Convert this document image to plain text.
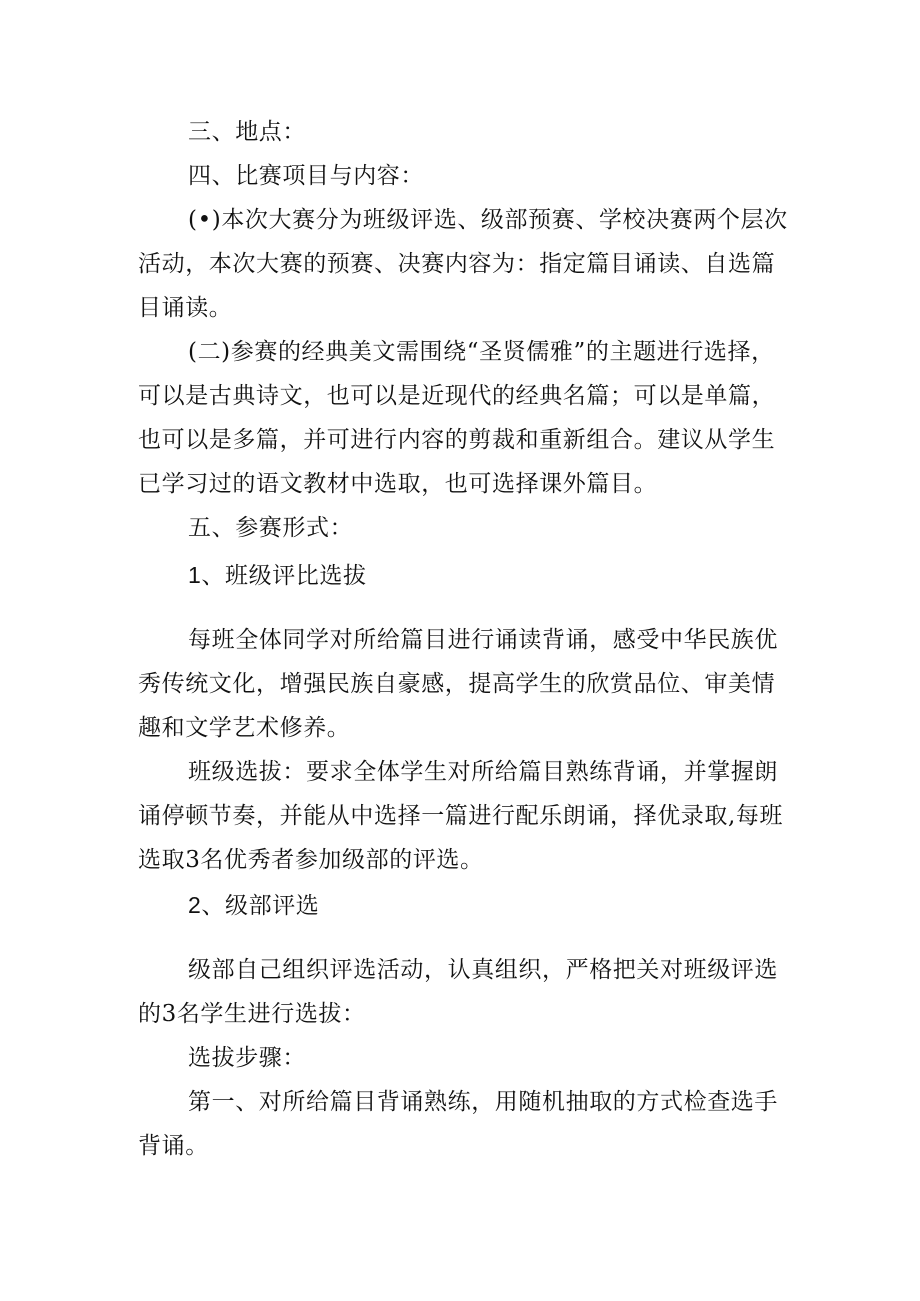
三、地点：

四、比赛项目与内容：

(•)本次大赛分为班级评选、级部预赛、学校决赛两个层次活动，本次大赛的预赛、决赛内容为：指定篇目诵读、自选篇目诵读。

(二)参赛的经典美文需围绕“圣贤儒雅”的主题进行选择，可以是古典诗文，也可以是近现代的经典名篇；可以是单篇，也可以是多篇，并可进行内容的剪裁和重新组合。建议从学生已学习过的语文教材中选取，也可选择课外篇目。

五、参赛形式：

1、班级评比选拔

每班全体同学对所给篇目进行诵读背诵，感受中华民族优秀传统文化，增强民族自豪感，提高学生的欣赏品位、审美情趣和文学艺术修养。

班级选拔：要求全体学生对所给篇目熟练背诵，并掌握朗诵停顿节奏，并能从中选择一篇进行配乐朗诵，择优录取,每班选取3名优秀者参加级部的评选。

2、级部评选

级部自己组织评选活动，认真组织，严格把关对班级评选的3名学生进行选拔：

选拔步骤：

第一、对所给篇目背诵熟练，用随机抽取的方式检查选手背诵。
